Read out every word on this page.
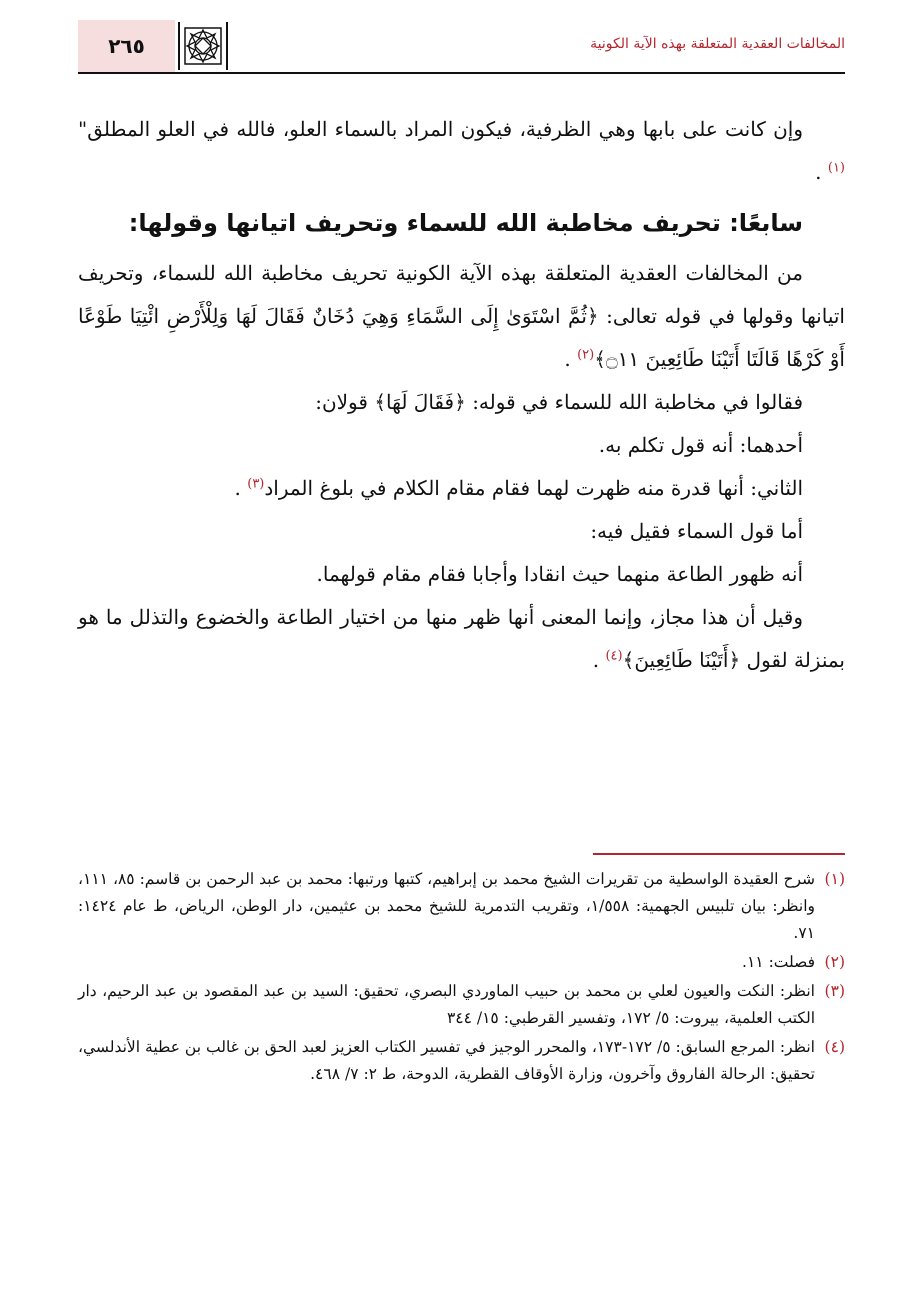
٢٦٥	المخالفات العقدية المتعلقة بهذه الآية الكونية

وإن كانت على بابها وهي الظرفية، فيكون المراد بالسماء العلو، فالله في العلو المطلق"$^{(١)}$ .

سابعًا: تحريف مخاطبة الله للسماء وتحريف اتيانها وقولها:

من المخالفات العقدية المتعلقة بهذه الآية الكونية تحريف مخاطبة الله للسماء، وتحريف اتيانها وقولها في قوله تعالى: ﴿ثُمَّ اسْتَوَىٰ إِلَى السَّمَاءِ وَهِيَ دُخَانٌ فَقَالَ لَهَا وَلِلْأَرْضِ ائْتِيَا طَوْعًا أَوْ كَرْهًا قَالَتَا أَتَيْنَا طَائِعِينَ ۝١١﴾$^{(٢)}$ .

فقالوا في مخاطبة الله للسماء في قوله: ﴿فَقَالَ لَهَا﴾ قولان:

أحدهما: أنه قول تكلم به.

الثاني: أنها قدرة منه ظهرت لهما فقام مقام الكلام في بلوغ المراد$^{(٣)}$ .

أما قول السماء فقيل فيه:

أنه ظهور الطاعة منهما حيث انقادا وأجابا فقام مقام قولهما.

وقيل أن هذا مجاز، وإنما المعنى أنها ظهر منها من اختيار الطاعة والخضوع والتذلل ما هو بمنزلة لقول ﴿أَتَيْنَا طَائِعِينَ﴾$^{(٤)}$ .

(١)
شرح العقيدة الواسطية من تقريرات الشيخ محمد بن إبراهيم، كتبها ورتبها: محمد بن عبد الرحمن بن قاسم: ٨٥، ١١١، وانظر: بيان تلبيس الجهمية: ١/٥٥٨، وتقريب التدمرية للشيخ محمد بن عثيمين، دار الوطن، الرياض، ط عام ١٤٢٤: ٧١.

(٢)
فصلت: ١١.

(٣)
انظر: النكت والعيون لعلي بن محمد بن حبيب الماوردي البصري، تحقيق: السيد بن عبد المقصود بن عبد الرحيم، دار الكتب العلمية، بيروت: ٥/ ١٧٢، وتفسير القرطبي: ١٥/ ٣٤٤

(٤)
انظر: المرجع السابق: ٥/ ١٧٢-١٧٣، والمحرر الوجيز في تفسير الكتاب العزيز لعبد الحق بن غالب بن عطية الأندلسي، تحقيق: الرحالة الفاروق وآخرون، وزارة الأوقاف القطرية، الدوحة، ط ٢: ٧/ ٤٦٨.
